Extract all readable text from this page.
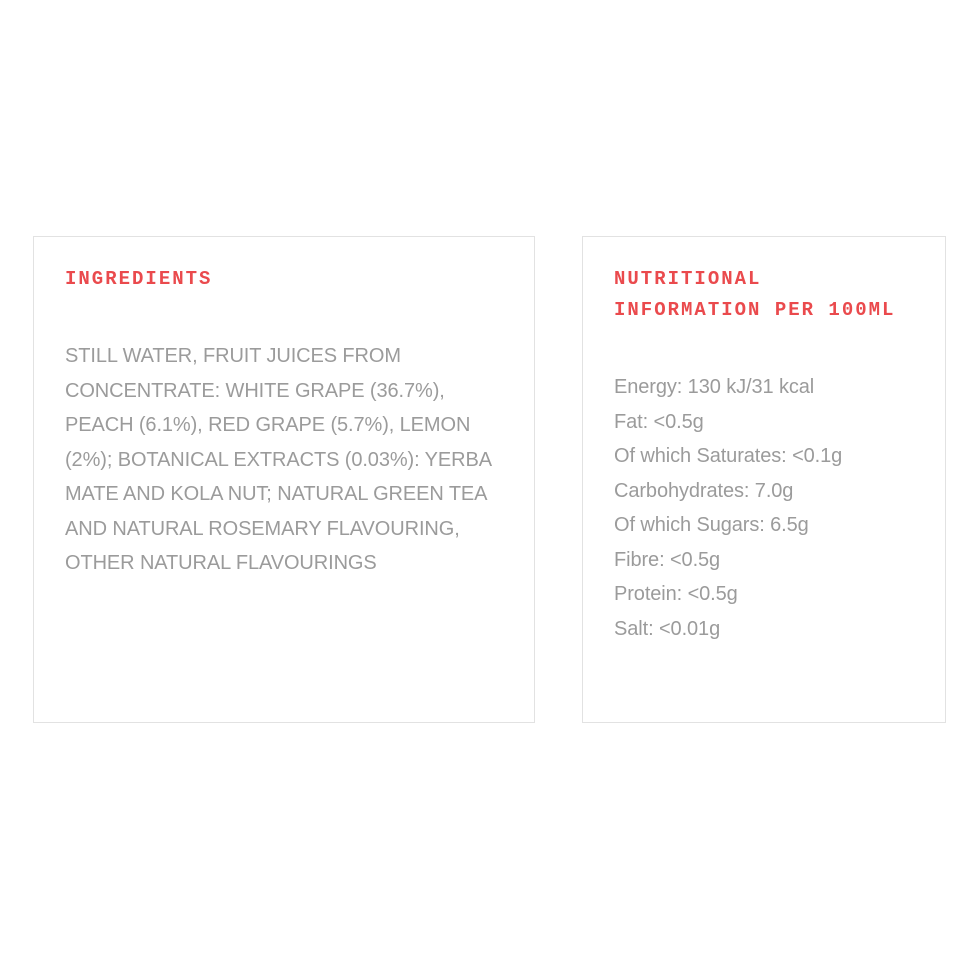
INGREDIENTS
STILL WATER, FRUIT JUICES FROM
CONCENTRATE: WHITE GRAPE (36.7%),
PEACH (6.1%), RED GRAPE (5.7%), LEMON
(2%); BOTANICAL EXTRACTS (0.03%): YERBA
MATE AND KOLA NUT; NATURAL GREEN TEA
AND NATURAL ROSEMARY FLAVOURING,
OTHER NATURAL FLAVOURINGS
NUTRITIONAL INFORMATION PER 100ML
Energy: 130 kJ/31 kcal
Fat: <0.5g
Of which Saturates: <0.1g
Carbohydrates: 7.0g
Of which Sugars: 6.5g
Fibre: <0.5g
Protein: <0.5g
Salt: <0.01g
